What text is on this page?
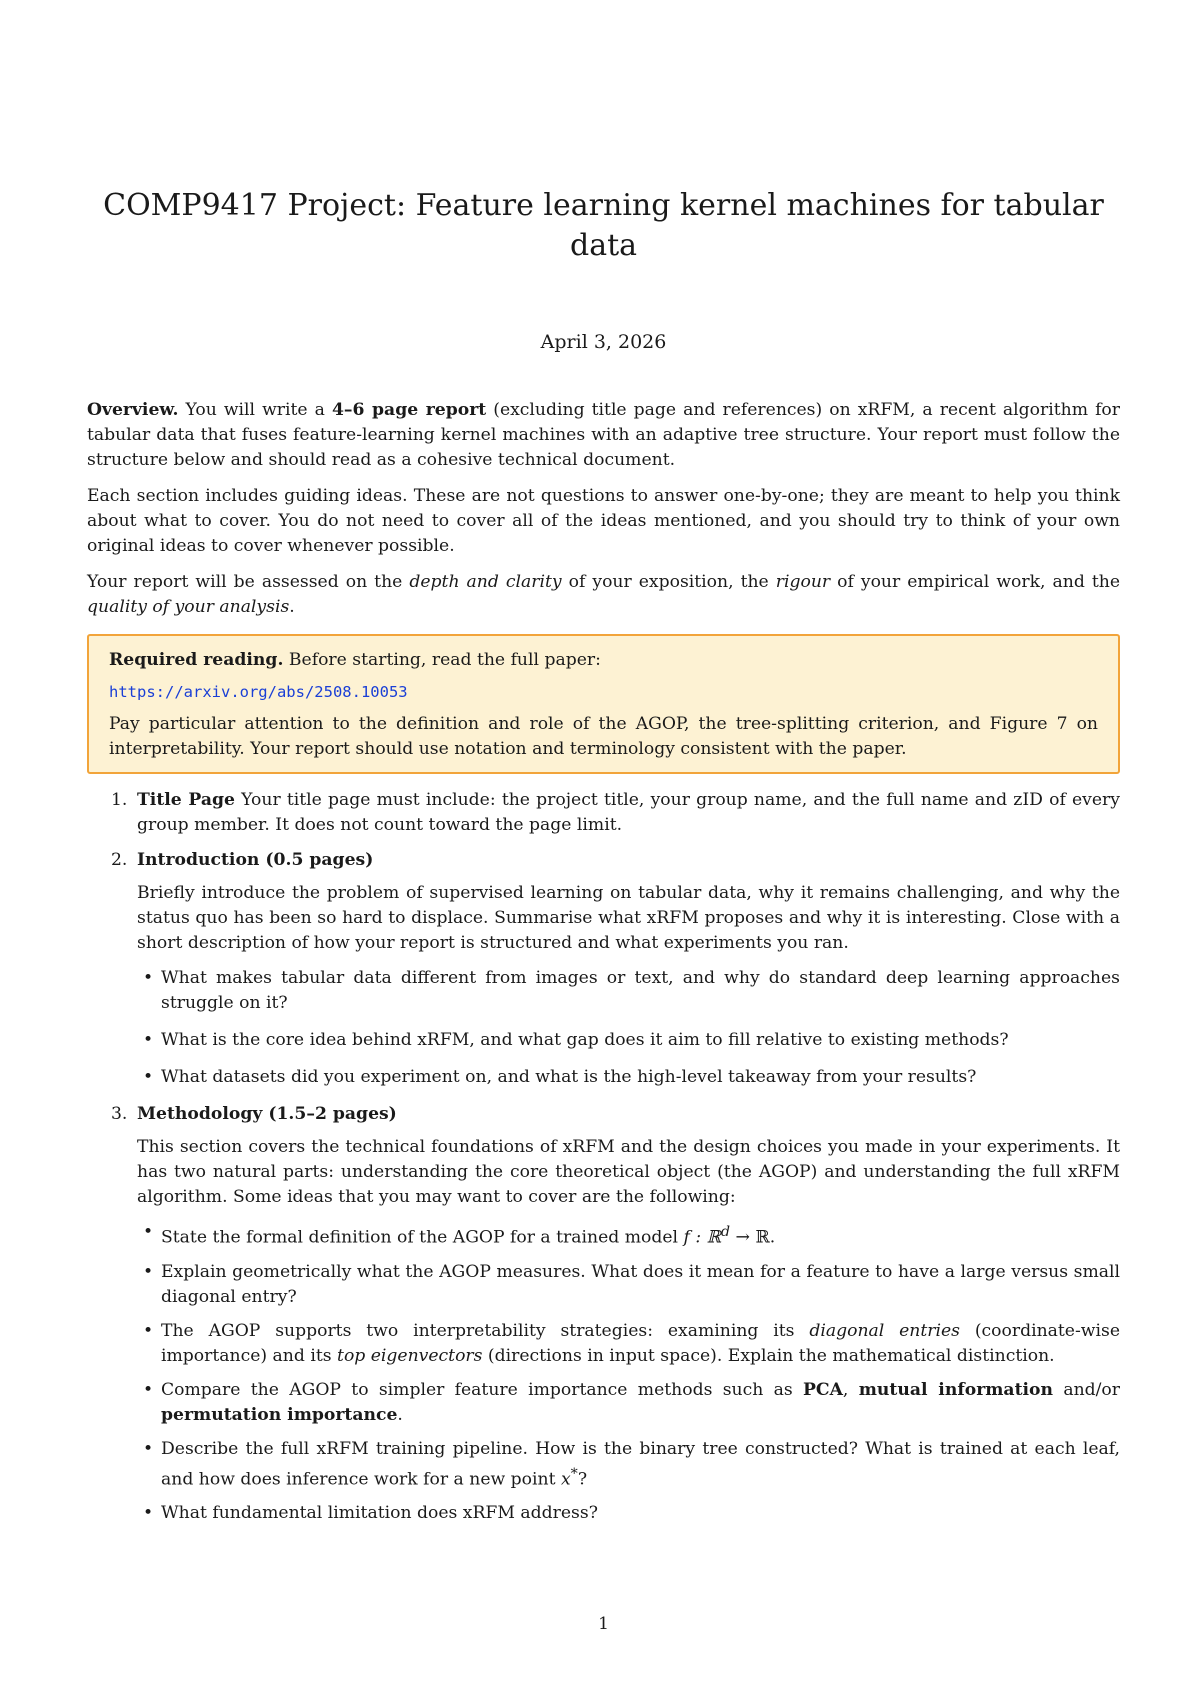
COMP9417 Project: Feature learning kernel machines for tabular data
April 3, 2026

Overview. You will write a 4–6 page report (excluding title page and references) on xRFM, a recent algorithm for tabular data that fuses feature-learning kernel machines with an adaptive tree structure. Your report must follow the structure below and should read as a cohesive technical document.

Each section includes guiding ideas. These are not questions to answer one-by-one; they are meant to help you think about what to cover. You do not need to cover all of the ideas mentioned, and you should try to think of your own original ideas to cover whenever possible.

Your report will be assessed on the depth and clarity of your exposition, the rigour of your empirical work, and the quality of your analysis.

Required reading. Before starting, read the full paper:

https://arxiv.org/abs/2508.10053

Pay particular attention to the definition and role of the AGOP, the tree-splitting criterion, and Figure 7 on interpretability. Your report should use notation and terminology consistent with the paper.

1. Title Page Your title page must include: the project title, your group name, and the full name and zID of every group member. It does not count toward the page limit.

2. Introduction (0.5 pages)

Briefly introduce the problem of supervised learning on tabular data, why it remains challenging, and why the status quo has been so hard to displace. Summarise what xRFM proposes and why it is interesting. Close with a short description of how your report is structured and what experiments you ran.

• What makes tabular data different from images or text, and why do standard deep learning approaches struggle on it?
• What is the core idea behind xRFM, and what gap does it aim to fill relative to existing methods?
• What datasets did you experiment on, and what is the high-level takeaway from your results?
3. Methodology (1.5–2 pages)

This section covers the technical foundations of xRFM and the design choices you made in your experiments. It has two natural parts: understanding the core theoretical object (the AGOP) and understanding the full xRFM algorithm. Some ideas that you may want to cover are the following:

• State the formal definition of the AGOP for a trained model f : ℝ$^d$ → ℝ.
• Explain geometrically what the AGOP measures. What does it mean for a feature to have a large versus small diagonal entry?
• The AGOP supports two interpretability strategies: examining its diagonal entries (coordinate-wise importance) and its top eigenvectors (directions in input space). Explain the mathematical distinction.
• Compare the AGOP to simpler feature importance methods such as PCA, mutual information and/or permutation importance.
• Describe the full xRFM training pipeline. How is the binary tree constructed? What is trained at each leaf, and how does inference work for a new point x*?
• What fundamental limitation does xRFM address?
1
